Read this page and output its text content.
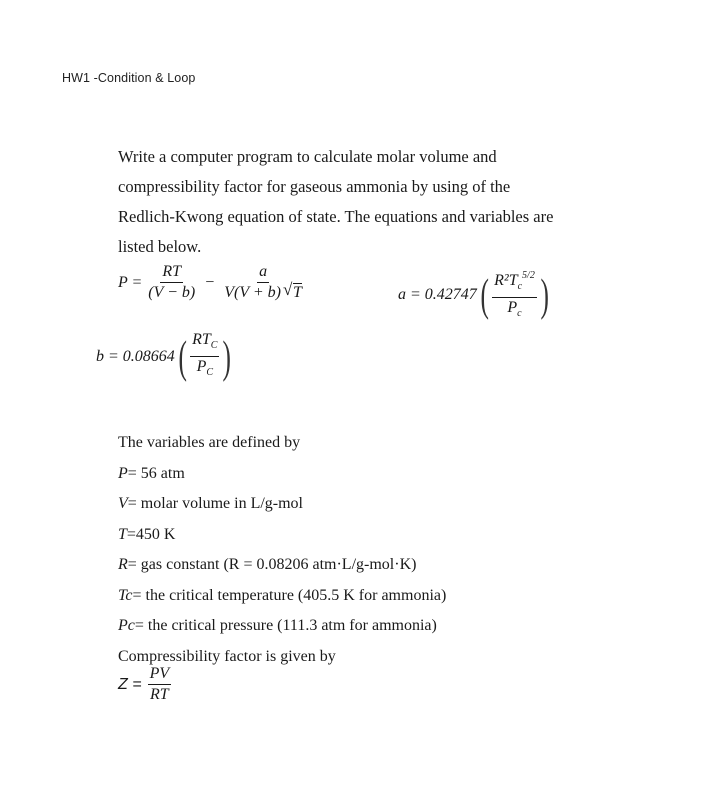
HW1 -Condition & Loop

Write a computer program to calculate molar volume and

compressibility factor for gaseous ammonia by using of the

Redlich-Kwong equation of state. The equations and variables are

listed below.

$P = \frac{RT}{(V - b)} - \frac{a}{V(V + b) √ T}$	a = 0.42747 ( $\frac{R^2T_c^{5/2}}{P_c}$ )
b = 0.08664 ( $\frac{RT_C}{P_C}$ )

The variables are defined by

P= 56 atm

V= molar volume in L/g-mol

T=450 K

R= gas constant (R = 0.08206 atm·L/g-mol·K)

Tc= the critical temperature (405.5 K for ammonia)

Pc= the critical pressure (111.3 atm for ammonia)

Compressibility factor is given by

$Z = \frac{PV}{RT}$
